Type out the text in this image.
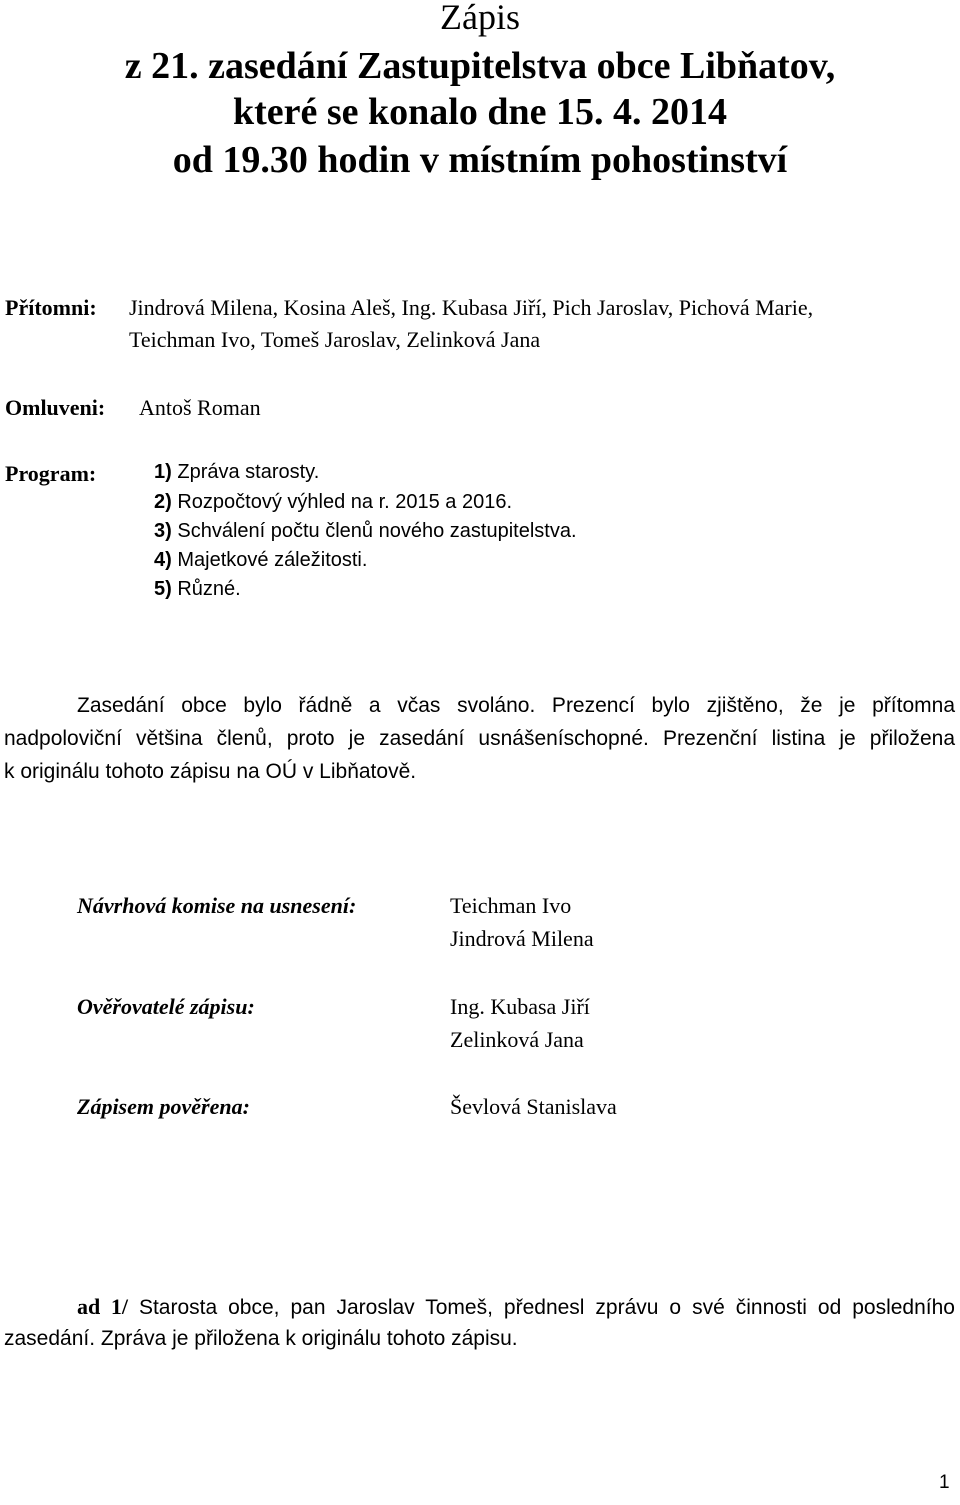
Zápis
z 21. zasedání Zastupitelstva obce Libňatov,
které se konalo dne 15. 4. 2014
od 19.30 hodin v místním pohostinství
Přítomni: Jindrová Milena, Kosina Aleš, Ing. Kubasa Jiří, Pich Jaroslav, Pichová Marie,
Teichman Ivo, Tomeš Jaroslav, Zelinková Jana
Omluveni: Antoš Roman
Program:	1) Zpráva starosty.
2) Rozpočtový výhled na r. 2015 a 2016.
3) Schválení počtu členů nového zastupitelstva.
4) Majetkové záležitosti.
5) Různé.
Zasedání obce bylo řádně a včas svoláno. Prezencí bylo zjištěno, že je přítomna
nadpoloviční většina členů, proto je zasedání usnášeníschopné. Prezenční listina je přiložena
k originálu tohoto zápisu na OÚ v Libňatově.
Návrhová komise na usnesení:	Teichman Ivo
Jindrová Milena
Ověřovatelé zápisu:	Ing. Kubasa Jiří
Zelinková Jana
Zápisem pověřena:	Ševlová Stanislava
ad 1/ Starosta obce, pan Jaroslav Tomeš, přednesl zprávu o své činnosti od posledního
zasedání. Zpráva je přiložena k originálu tohoto zápisu.
1
